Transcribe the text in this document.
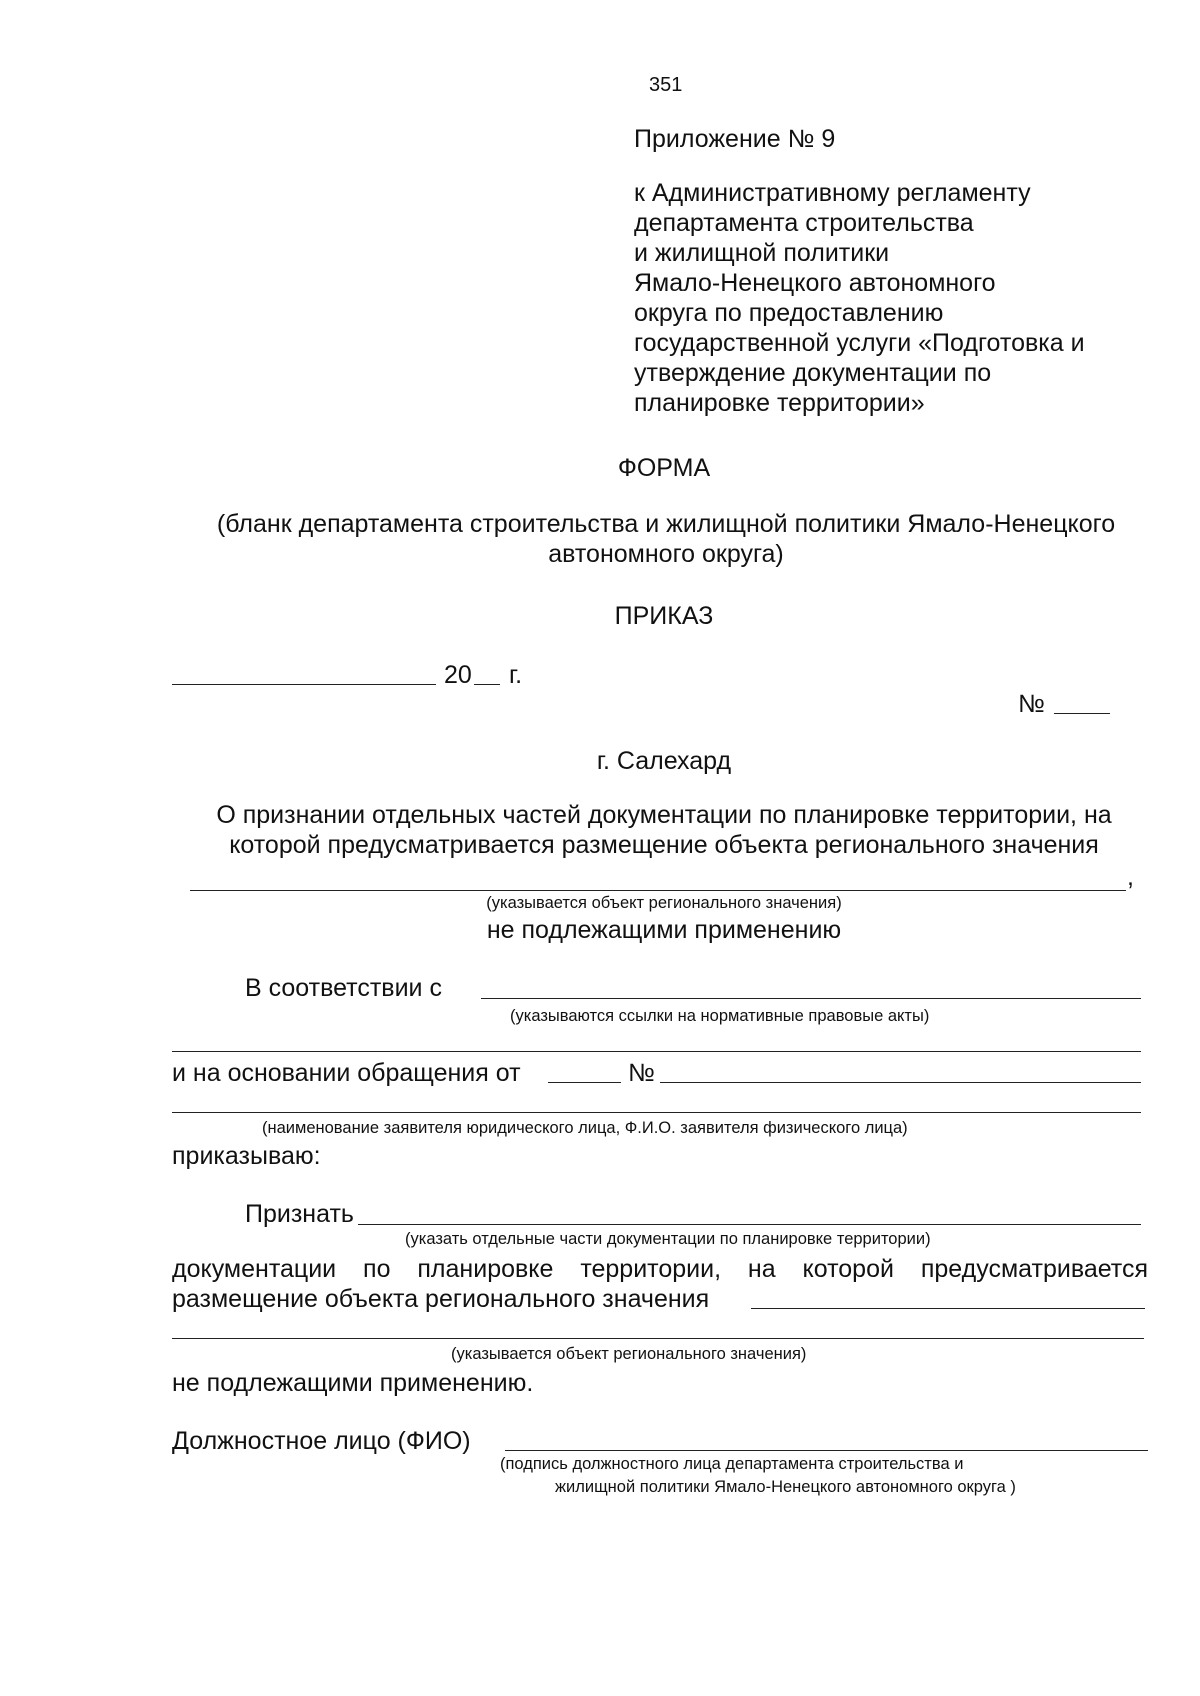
351
Приложение № 9
к Административному регламенту
департамента строительства
и жилищной политики
Ямало-Ненецкого автономного
округа по предоставлению
государственной услуги «Подготовка и
утверждение документации по
планировке территории»
ФОРМА
(бланк департамента строительства и жилищной политики Ямало-Ненецкого
автономного округа)
ПРИКАЗ
20 г.
№
г. Салехард
О признании отдельных частей документации по планировке территории, на
которой предусматривается размещение объекта регионального значения
,
(указывается объект регионального значения)
не подлежащими применению
В соответствии с
(указываются ссылки на нормативные правовые акты)
и на основании обращения от	№
(наименование заявителя юридического лица, Ф.И.О. заявителя физического лица)
приказываю:
Признать
(указать отдельные части документации по планировке территории)
документации по планировке территории, на которой предусматривается
размещение объекта регионального значения
(указывается объект регионального значения)
не подлежащими применению.
Должностное лицо (ФИО)
(подпись должностного лица департамента строительства и
жилищной политики Ямало-Ненецкого автономного округа )
